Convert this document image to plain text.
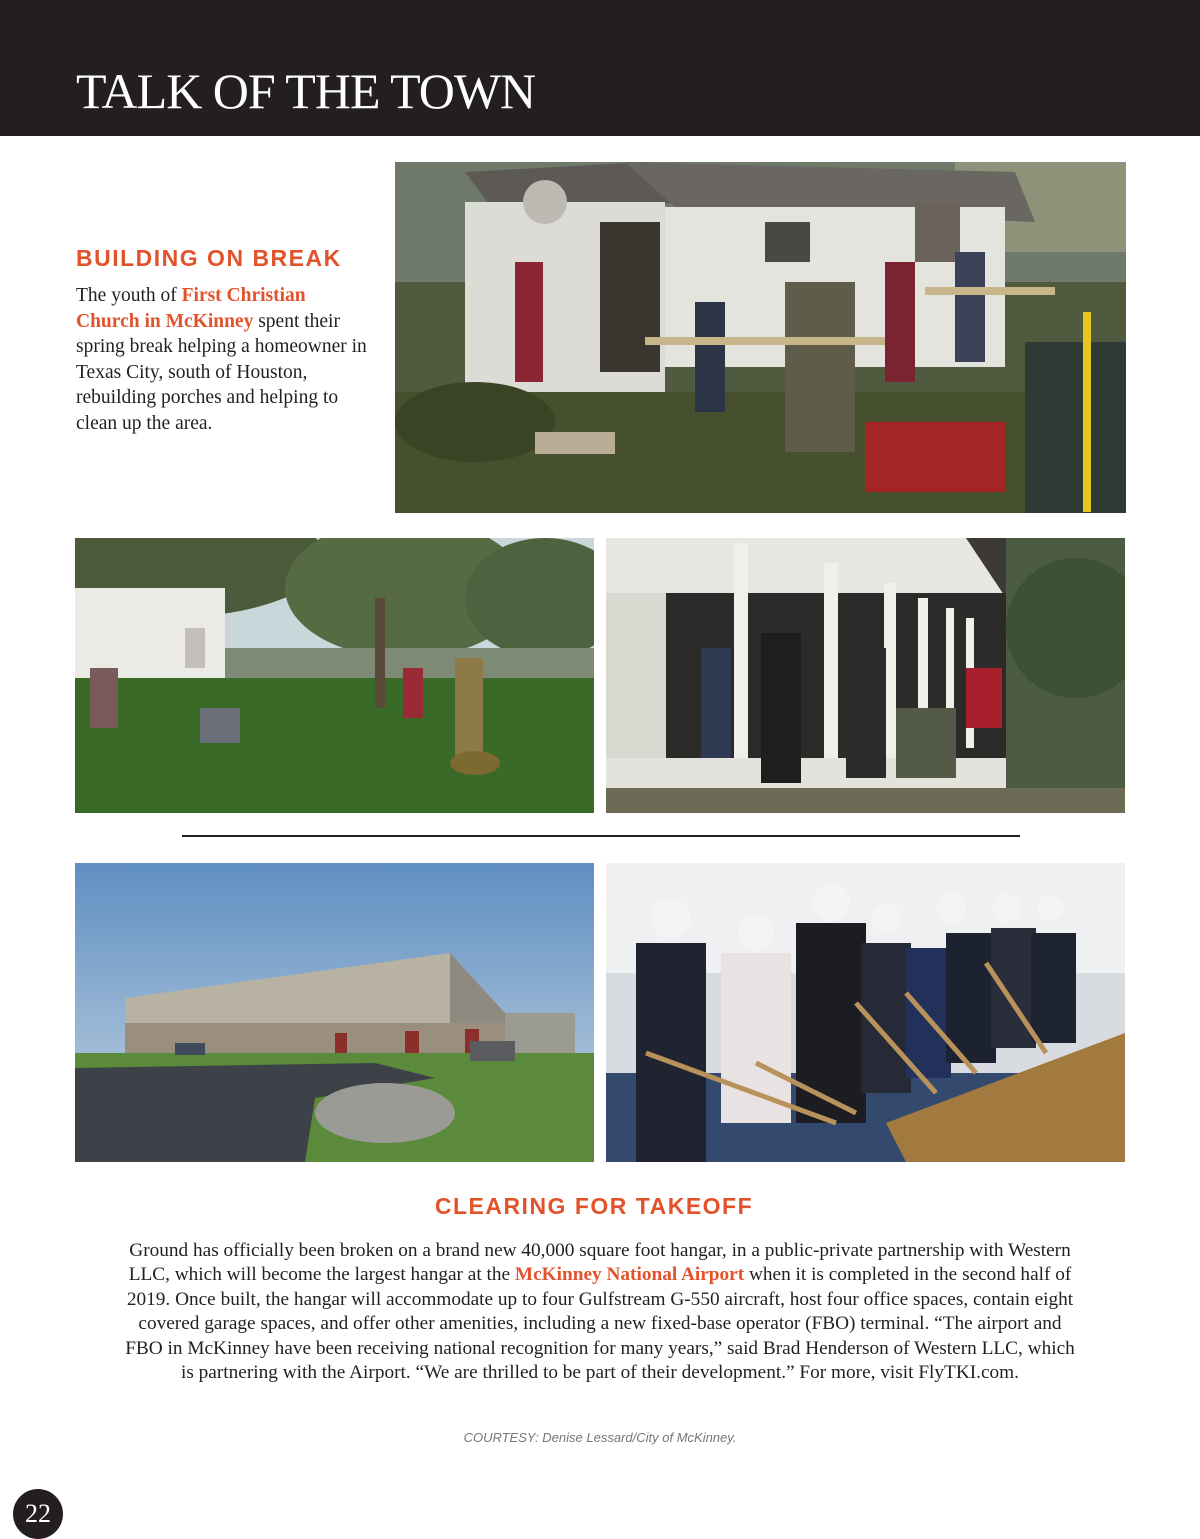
TALK OF THE TOWN
BUILDING ON BREAK

The youth of First Christian Church in McKinney spent their spring break helping a homeowner in Texas City, south of Houston, rebuilding porches and helping to clean up the area.

CLEARING FOR TAKEOFF

Ground has officially been broken on a brand new 40,000 square foot hangar, in a public-private partnership with Western LLC, which will become the largest hangar at the McKinney National Airport when it is completed in the second half of 2019. Once built, the hangar will accommodate up to four Gulfstream G-550 aircraft, host four office spaces, contain eight covered garage spaces, and offer other amenities, including a new fixed-base operator (FBO) terminal. “The airport and FBO in McKinney have been receiving national recognition for many years,” said Brad Henderson of Western LLC, which is partnering with the Airport. “We are thrilled to be part of their development.” For more, visit FlyTKI.com.

COURTESY: Denise Lessard/City of McKinney.
22
